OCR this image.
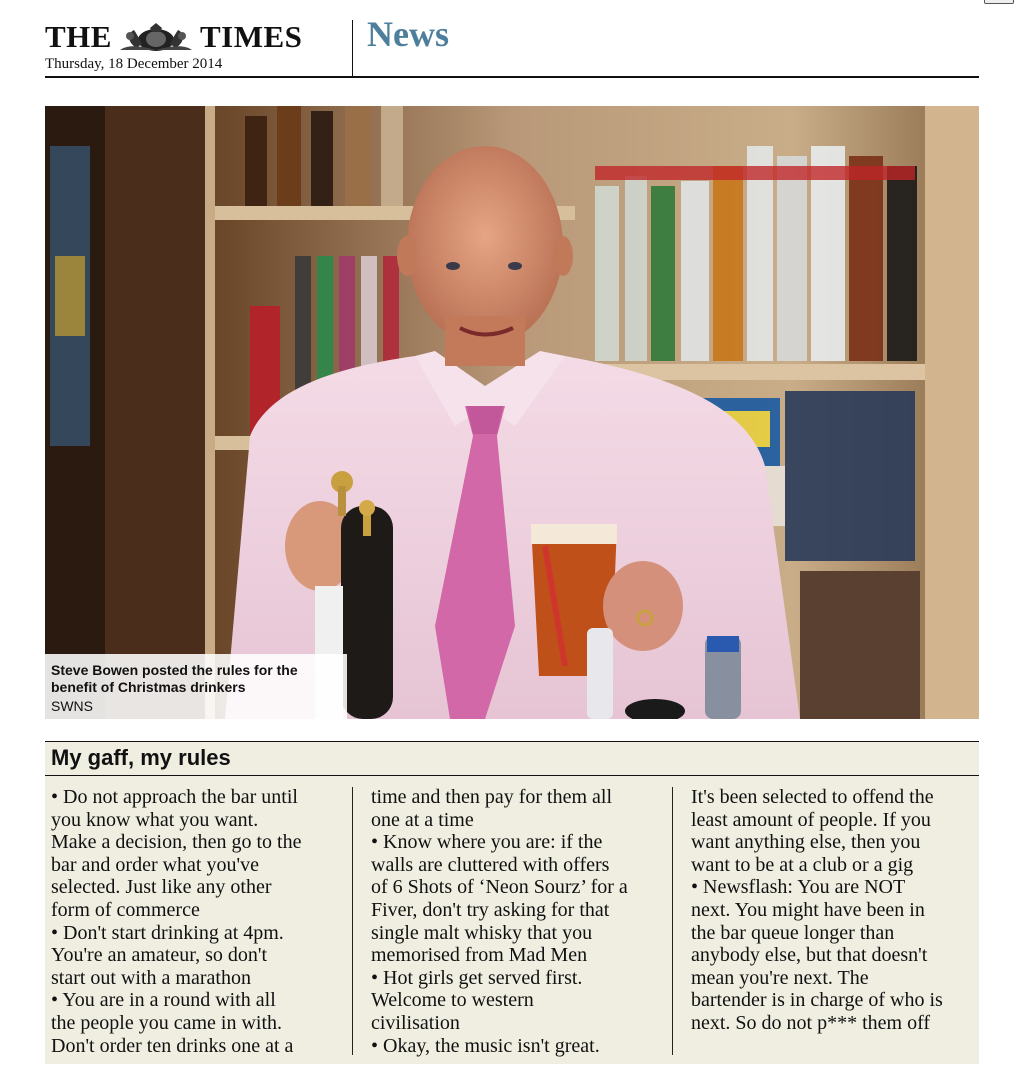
THE	TIMES
Thursday, 18 December 2014
News
Steve Bowen posted the rules for the benefit of Christmas drinkers
SWNS
My gaff, my rules

• Do not approach the bar until

you know what you want.

Make a decision, then go to the

bar and order what you've

selected. Just like any other

form of commerce

• Don't start drinking at 4pm.

You're an amateur, so don't

start out with a marathon

• You are in a round with all

the people you came in with.

Don't order ten drinks one at a

time and then pay for them all

one at a time

• Know where you are: if the

walls are cluttered with offers

of 6 Shots of ‘Neon Sourz’ for a

Fiver, don't try asking for that

single malt whisky that you

memorised from Mad Men

• Hot girls get served first.

Welcome to western

civilisation

• Okay, the music isn't great.

It's been selected to offend the

least amount of people. If you

want anything else, then you

want to be at a club or a gig

• Newsflash: You are NOT

next. You might have been in

the bar queue longer than

anybody else, but that doesn't

mean you're next. The

bartender is in charge of who is

next. So do not p*** them off
